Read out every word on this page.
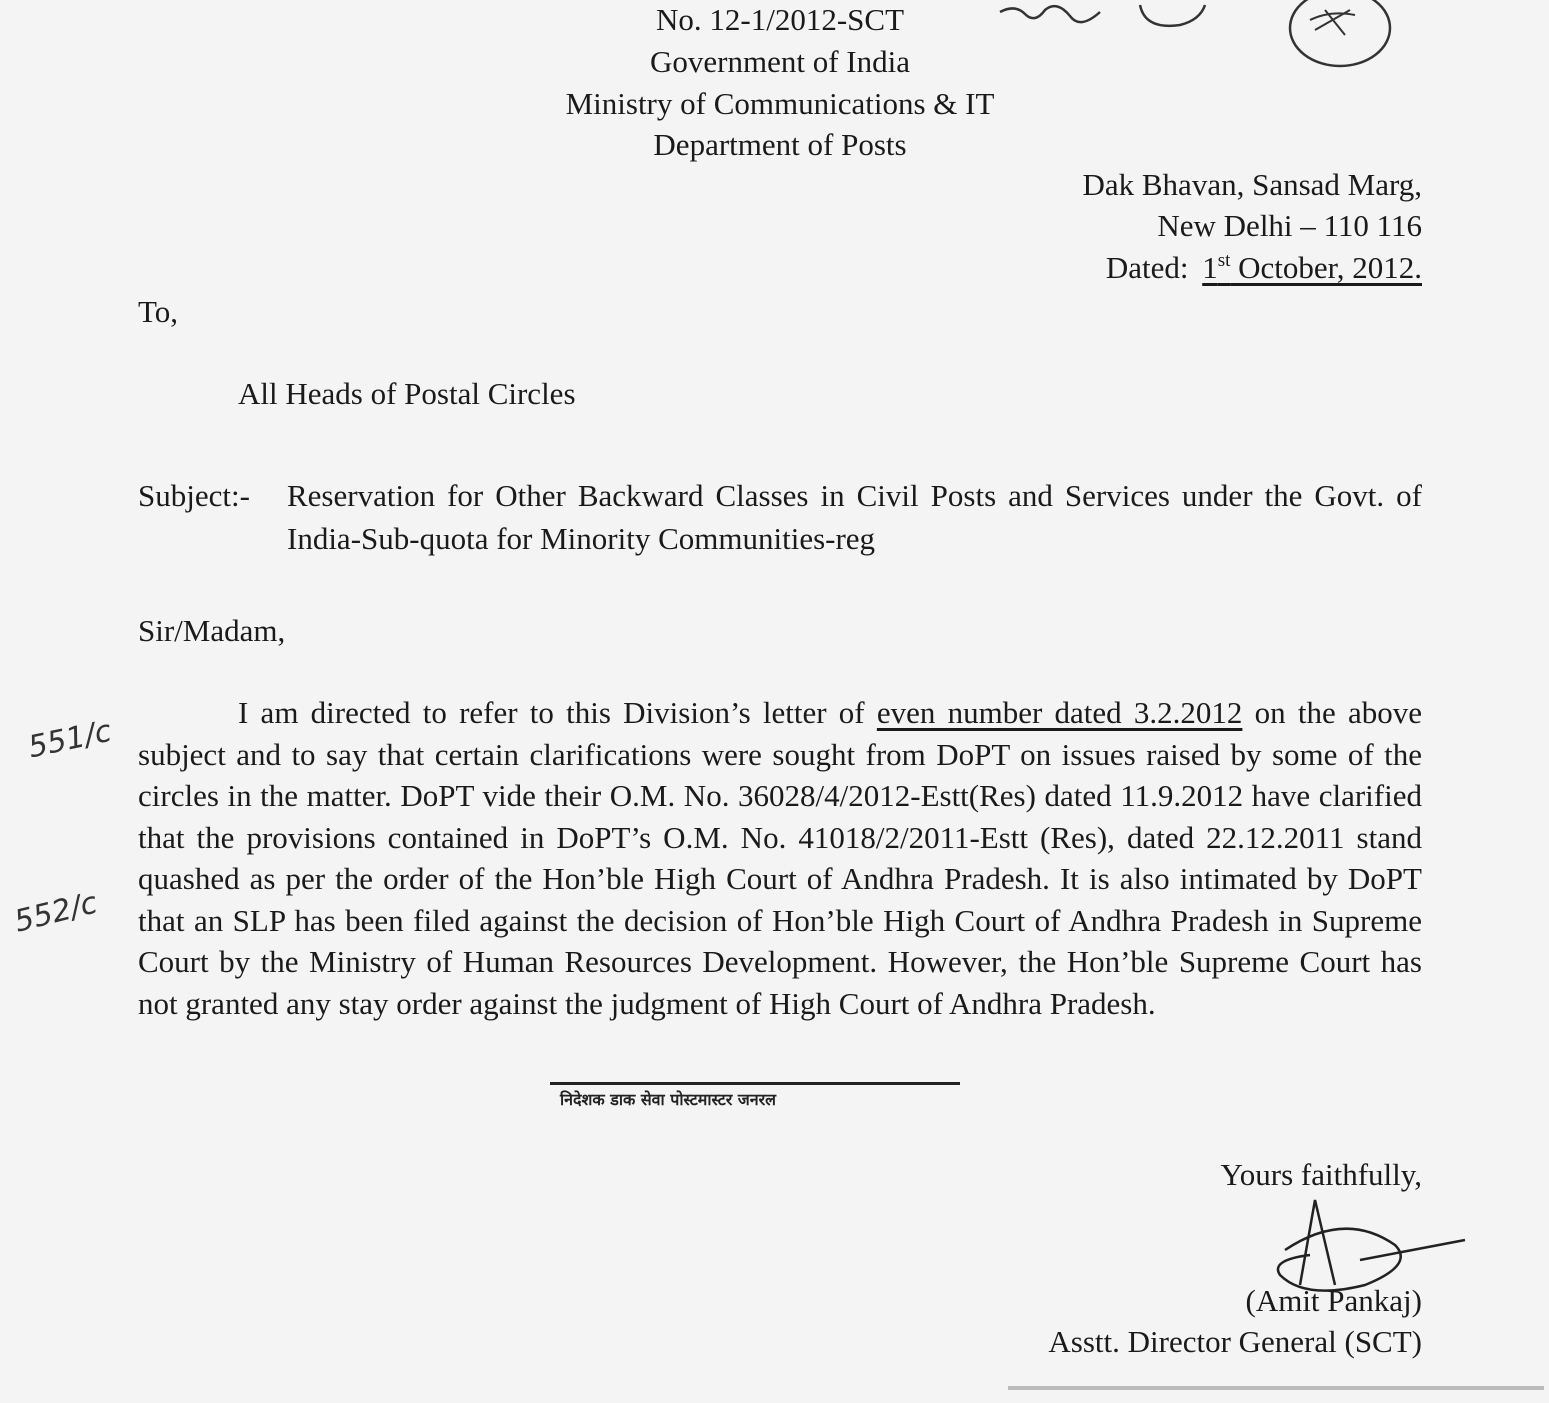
No. 12-1/2012-SCT
Government of India
Ministry of Communications & IT
Department of Posts
Dak Bhavan, Sansad Marg,
New Delhi – 110 116
Dated: 1st October, 2012.
To,
All Heads of Postal Circles
Subject:- Reservation for Other Backward Classes in Civil Posts and Services under the Govt. of India-Sub-quota for Minority Communities-reg
Sir/Madam,
I am directed to refer to this Division’s letter of even number dated 3.2.2012 on the above subject and to say that certain clarifications were sought from DoPT on issues raised by some of the circles in the matter. DoPT vide their O.M. No. 36028/4/2012-Estt(Res) dated 11.9.2012 have clarified that the provisions contained in DoPT’s O.M. No. 41018/2/2011-Estt (Res), dated 22.12.2011 stand quashed as per the order of the Hon’ble High Court of Andhra Pradesh. It is also intimated by DoPT that an SLP has been filed against the decision of Hon’ble High Court of Andhra Pradesh in Supreme Court by the Ministry of Human Resources Development. However, the Hon’ble Supreme Court has not granted any stay order against the judgment of High Court of Andhra Pradesh.
551/c
552/c
निदेशक डाक सेवा पोस्टमास्टर जनरल
Yours faithfully,
(Amit Pankaj)
Asstt. Director General (SCT)
